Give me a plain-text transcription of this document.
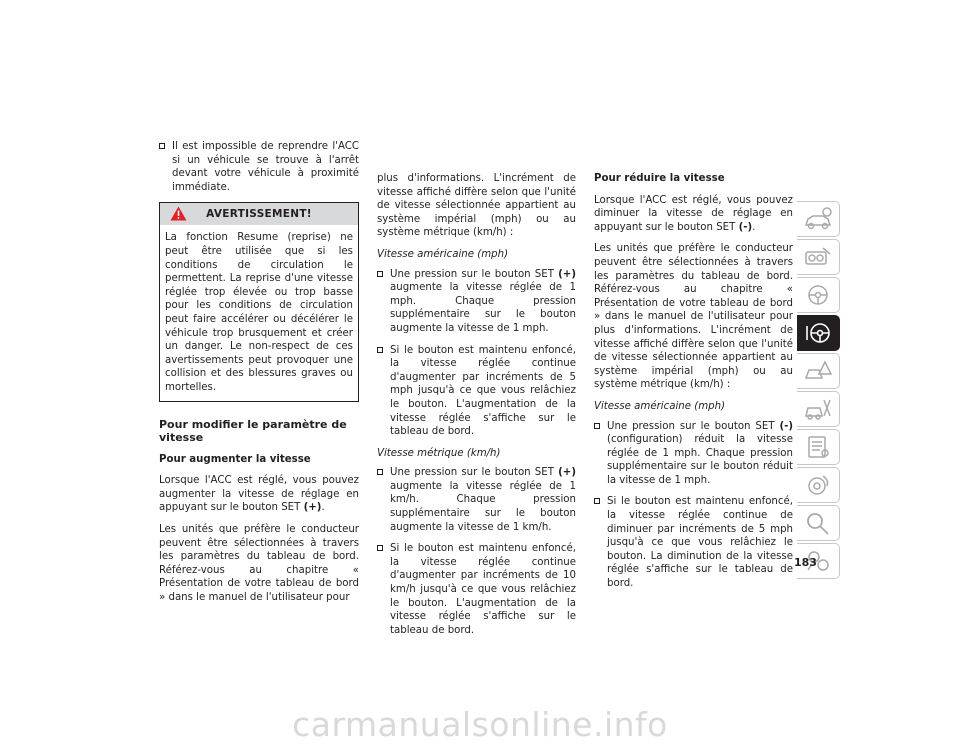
Il est impossible de reprendre l'ACC si un véhicule se trouve à l'arrêt devant votre véhicule à proximité immédiate.
AVERTISSEMENT!
La fonction Resume (reprise) ne peut être utilisée que si les conditions de circulation le permettent. La reprise d'une vitesse réglée trop élevée ou trop basse pour les conditions de circulation peut faire accélérer ou décélérer le véhicule trop brusquement et créer un danger. Le non-respect de ces avertissements peut provoquer une collision et des blessures graves ou mortelles.
Pour modifier le paramètre de vitesse
Pour augmenter la vitesse

Lorsque l'ACC est réglé, vous pouvez augmenter la vitesse de réglage en appuyant sur le bouton SET (+).

Les unités que préfère le conducteur peuvent être sélectionnées à travers les paramètres du tableau de bord. Référez-vous au chapitre « Présentation de votre tableau de bord » dans le manuel de l'utilisateur pour

plus d'informations. L'incrément de vitesse affiché diffère selon que l'unité de vitesse sélectionnée appartient au système impérial (mph) ou au système métrique (km/h) :

Vitesse américaine (mph)
Une pression sur le bouton SET (+) augmente la vitesse réglée de 1 mph. Chaque pression supplémentaire sur le bouton augmente la vitesse de 1 mph.
Si le bouton est maintenu enfoncé, la vitesse réglée continue d'augmenter par incréments de 5 mph jusqu'à ce que vous relâchiez le bouton. L'augmentation de la vitesse réglée s'affiche sur le tableau de bord.
Vitesse métrique (km/h)
Une pression sur le bouton SET (+) augmente la vitesse réglée de 1 km/h. Chaque pression supplémentaire sur le bouton augmente la vitesse de 1 km/h.
Si le bouton est maintenu enfoncé, la vitesse réglée continue d'augmenter par incréments de 10 km/h jusqu'à ce que vous relâchiez le bouton. L'augmentation de la vitesse réglée s'affiche sur le tableau de bord.
Pour réduire la vitesse

Lorsque l'ACC est réglé, vous pouvez diminuer la vitesse de réglage en appuyant sur le bouton SET (-).

Les unités que préfère le conducteur peuvent être sélectionnées à travers les paramètres du tableau de bord. Référez-vous au chapitre « Présentation de votre tableau de bord » dans le manuel de l'utilisateur pour plus d'informations. L'incrément de vitesse affiché diffère selon que l'unité de vitesse sélectionnée appartient au système impérial (mph) ou au système métrique (km/h) :

Vitesse américaine (mph)
Une pression sur le bouton SET (-) (configuration) réduit la vitesse réglée de 1 mph. Chaque pression supplémentaire sur le bouton réduit la vitesse de 1 mph.
Si le bouton est maintenu enfoncé, la vitesse réglée continue de diminuer par incréments de 5 mph jusqu'à ce que vous relâchiez le bouton. La diminution de la vitesse réglée s'affiche sur le tableau de bord.
183
carmanualsonline.info
